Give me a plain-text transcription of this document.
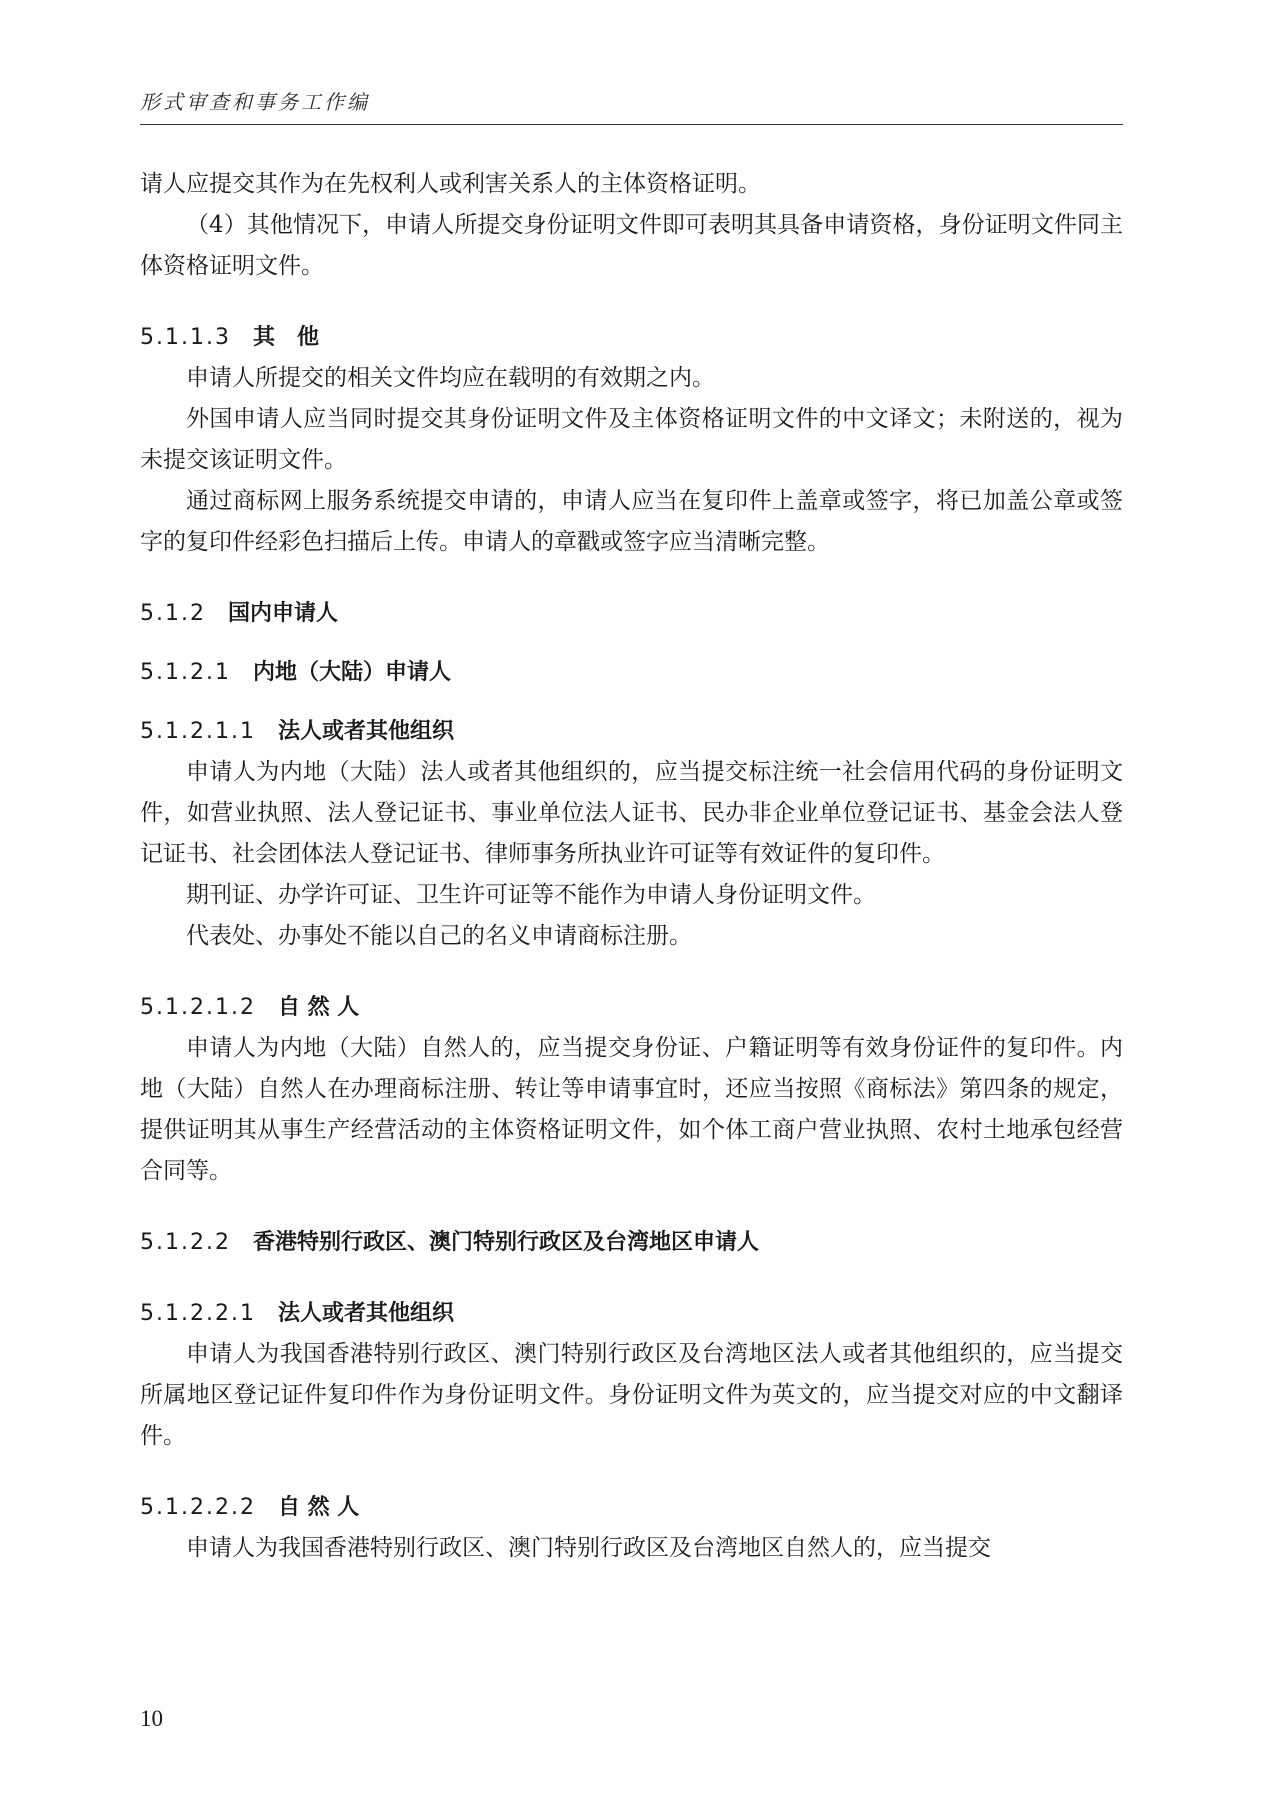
形式审查和事务工作编

请人应提交其作为在先权利人或利害关系人的主体资格证明。

（4）其他情况下，申请人所提交身份证明文件即可表明其具备申请资格，身份证明文件同主体资格证明文件。

5.1.1.3 其　他

申请人所提交的相关文件均应在载明的有效期之内。

外国申请人应当同时提交其身份证明文件及主体资格证明文件的中文译文；未附送的，视为未提交该证明文件。

通过商标网上服务系统提交申请的，申请人应当在复印件上盖章或签字，将已加盖公章或签字的复印件经彩色扫描后上传。申请人的章戳或签字应当清晰完整。

5.1.2 国内申请人
5.1.2.1 内地（大陆）申请人
5.1.2.1.1 法人或者其他组织

申请人为内地（大陆）法人或者其他组织的，应当提交标注统一社会信用代码的身份证明文件，如营业执照、法人登记证书、事业单位法人证书、民办非企业单位登记证书、基金会法人登记证书、社会团体法人登记证书、律师事务所执业许可证等有效证件的复印件。

期刊证、办学许可证、卫生许可证等不能作为申请人身份证明文件。

代表处、办事处不能以自己的名义申请商标注册。

5.1.2.1.2 自 然 人

申请人为内地（大陆）自然人的，应当提交身份证、户籍证明等有效身份证件的复印件。内地（大陆）自然人在办理商标注册、转让等申请事宜时，还应当按照《商标法》第四条的规定，提供证明其从事生产经营活动的主体资格证明文件，如个体工商户营业执照、农村土地承包经营合同等。

5.1.2.2 香港特别行政区、澳门特别行政区及台湾地区申请人
5.1.2.2.1 法人或者其他组织

申请人为我国香港特别行政区、澳门特别行政区及台湾地区法人或者其他组织的，应当提交所属地区登记证件复印件作为身份证明文件。身份证明文件为英文的，应当提交对应的中文翻译件。

5.1.2.2.2 自 然 人

申请人为我国香港特别行政区、澳门特别行政区及台湾地区自然人的，应当提交

10
